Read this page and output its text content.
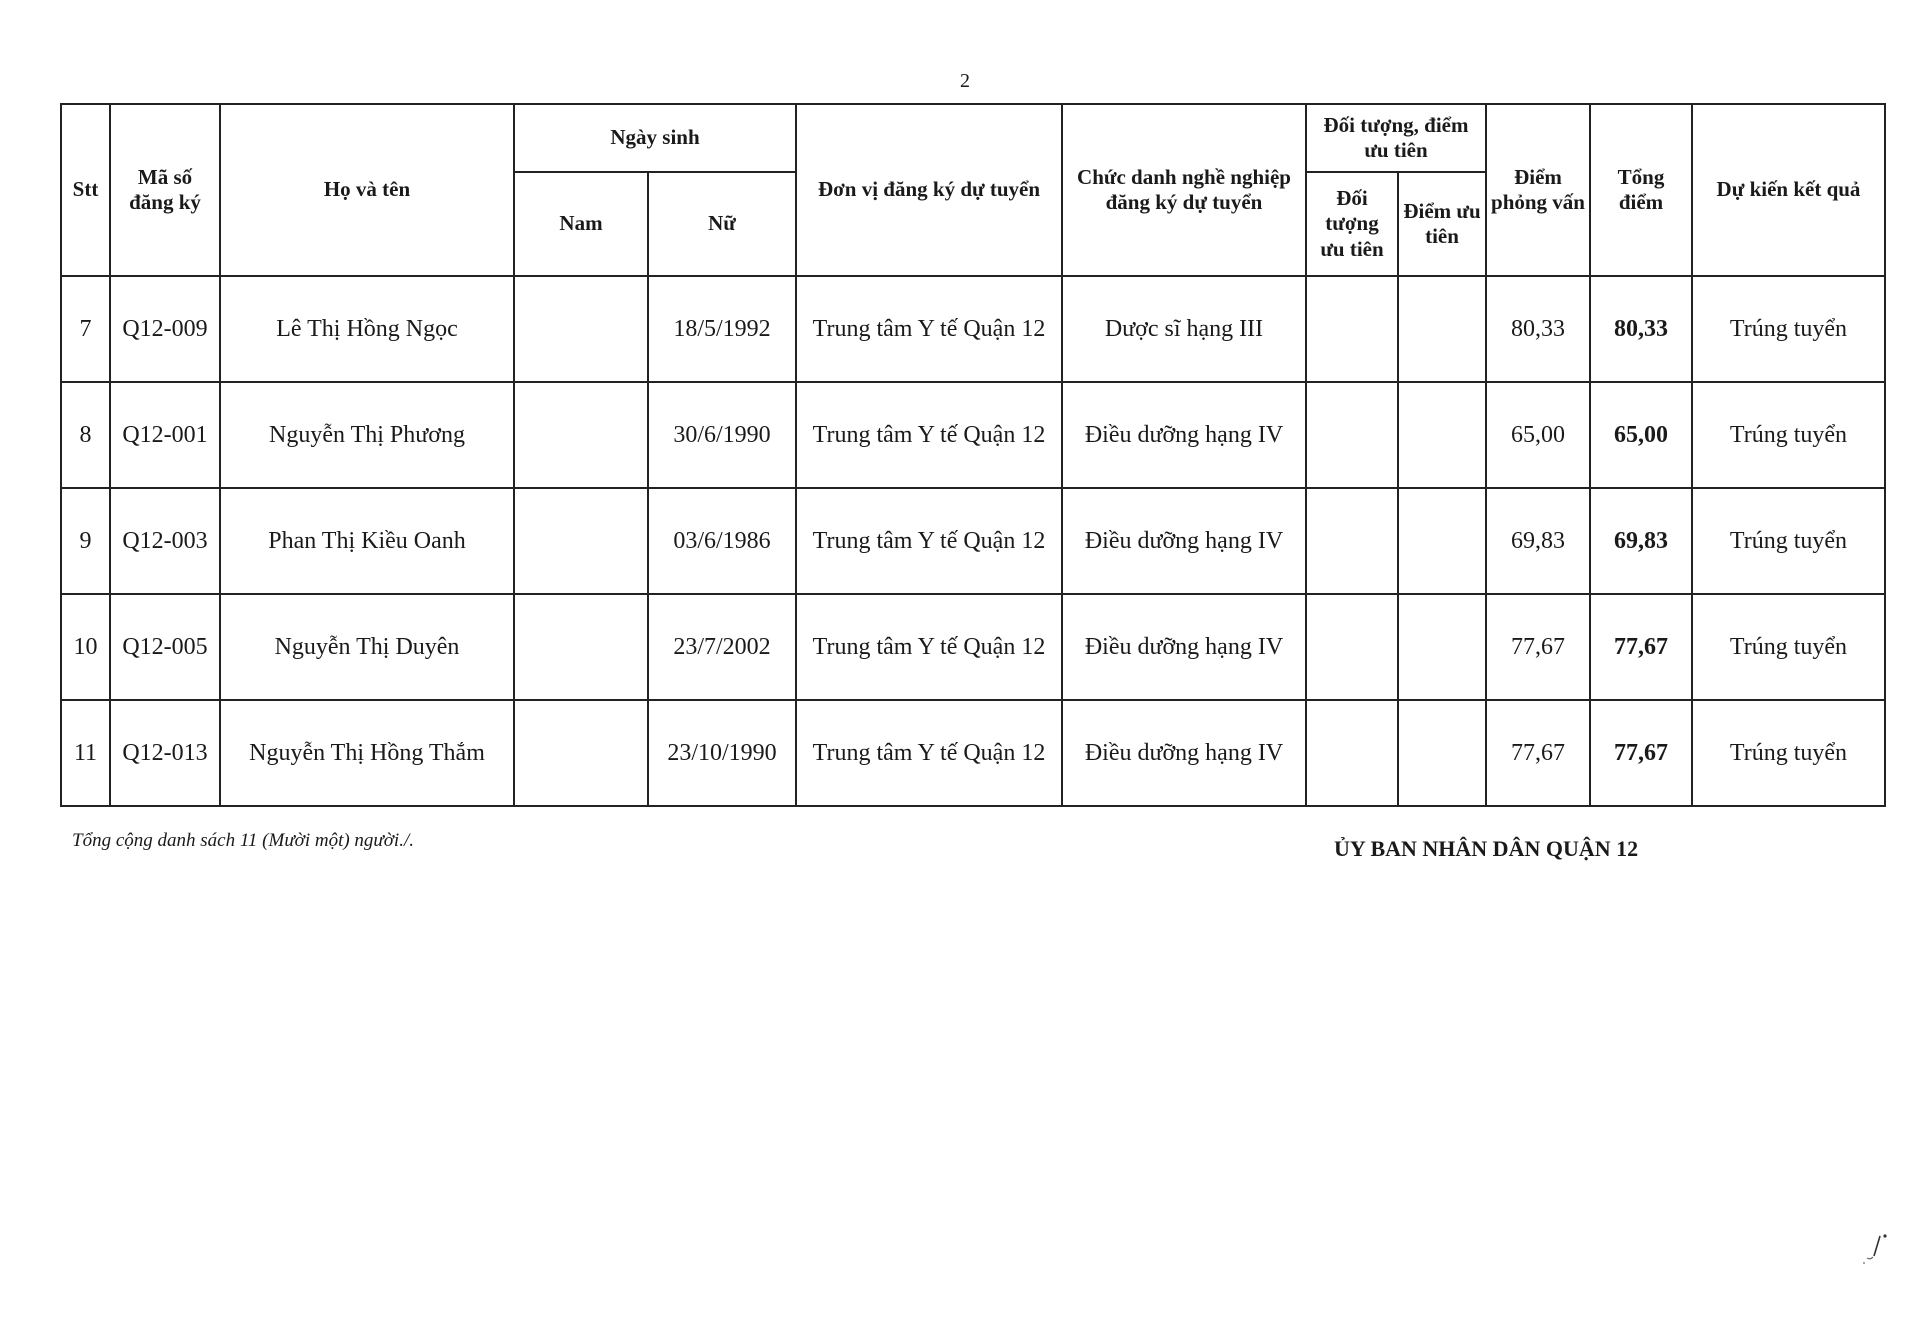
2
Stt	Mã số đăng ký	Họ và tên	Ngày sinh		Đơn vị đăng ký dự tuyển	Chức danh nghề nghiệp đăng ký dự tuyển	Đối tượng, điểm ưu tiên		Điểm phỏng vấn	Tổng điểm	Dự kiến kết quả
			Nam	Nữ			Đối tượng ưu tiên	Điểm ưu tiên			
7	Q12-009	Lê Thị Hồng Ngọc		18/5/1992	Trung tâm Y tế Quận 12	Dược sĩ hạng III			80,33	80,33	Trúng tuyển
8	Q12-001	Nguyễn Thị Phương		30/6/1990	Trung tâm Y tế Quận 12	Điều dưỡng hạng IV			65,00	65,00	Trúng tuyển
9	Q12-003	Phan Thị Kiều Oanh		03/6/1986	Trung tâm Y tế Quận 12	Điều dưỡng hạng IV			69,83	69,83	Trúng tuyển
10	Q12-005	Nguyễn Thị Duyên		23/7/2002	Trung tâm Y tế Quận 12	Điều dưỡng hạng IV			77,67	77,67	Trúng tuyển
11	Q12-013	Nguyễn Thị Hồng Thắm		23/10/1990	Trung tâm Y tế Quận 12	Điều dưỡng hạng IV			77,67	77,67	Trúng tuyển
Tổng cộng danh sách 11 (Mười một) người./.	ỦY BAN NHÂN DÂN QUẬN 12
